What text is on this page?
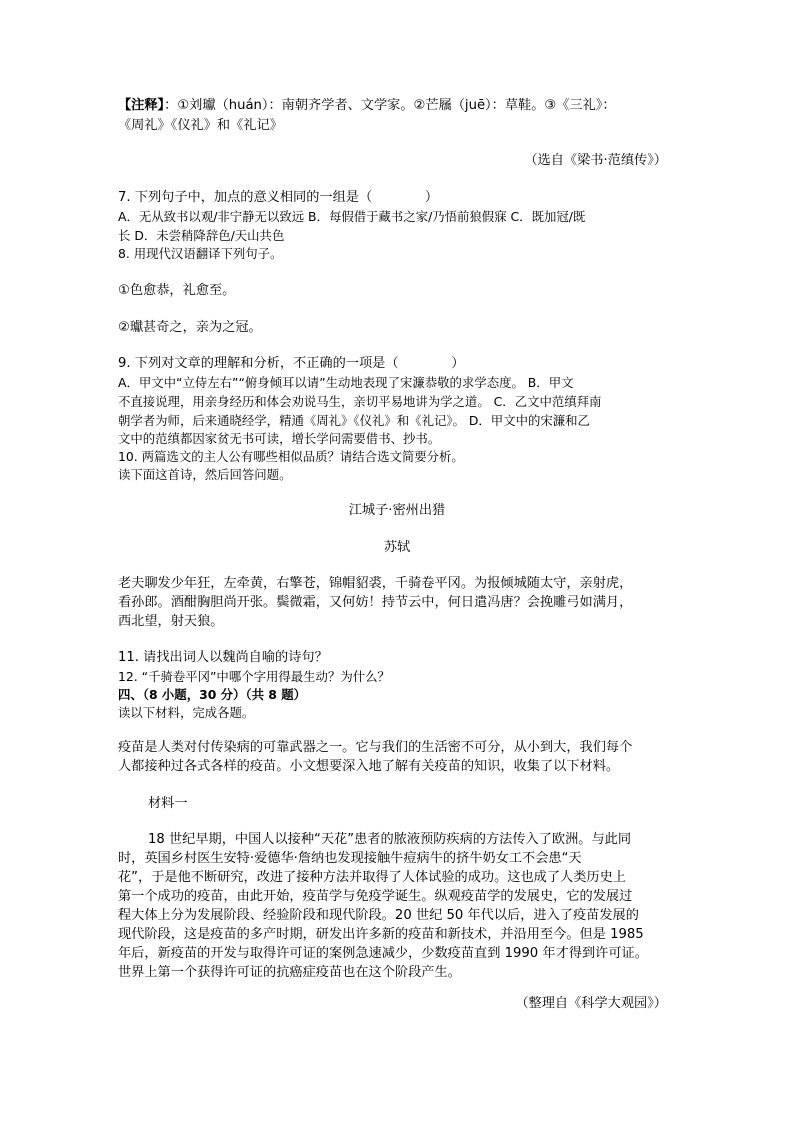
【注释】：①刘瓛（huán）：南朝齐学者、文学家。②芒屩（juē）：草鞋。③《三礼》：
《周礼》《仪礼》和《礼记》
（选自《梁书·范缜传》）
7. 下列句子中，加点的意义相同的一组是（　　　　）
A．无从致书以观/非宁静无以致远 B．每假借于藏书之家/乃悟前狼假寐 C．既加冠/既
长 D．未尝稍降辞色/天山共色
8. 用现代汉语翻译下列句子。
①色愈恭，礼愈至。
②瓛甚奇之，亲为之冠。
9. 下列对文章的理解和分析，不正确的一项是（　　　　）
A．甲文中“立侍左右”“俯身倾耳以请”生动地表现了宋濂恭敬的求学态度。 B．甲文
不直接说理，用亲身经历和体会劝说马生，亲切平易地讲为学之道。 C．乙文中范缜拜南
朝学者为师，后来通晓经学，精通《周礼》《仪礼》和《礼记》。 D．甲文中的宋濂和乙
文中的范缜都因家贫无书可读，增长学问需要借书、抄书。
10. 两篇选文的主人公有哪些相似品质？请结合选文简要分析。
读下面这首诗，然后回答问题。
江城子·密州出猎
苏轼
老夫聊发少年狂，左牵黄，右擎苍，锦帽貂裘，千骑卷平冈。为报倾城随太守，亲射虎，
看孙郎。酒酣胸胆尚开张。鬓微霜，又何妨！持节云中，何日遣冯唐？会挽雕弓如满月，
西北望，射天狼。
11. 请找出词人以魏尚自喻的诗句？
12. “千骑卷平冈”中哪个字用得最生动？为什么？
四、（8 小题，30 分）（共 8 题）
读以下材料，完成各题。
疫苗是人类对付传染病的可靠武器之一。它与我们的生活密不可分，从小到大，我们每个
人都接种过各式各样的疫苗。小文想要深入地了解有关疫苗的知识，收集了以下材料。
材料一
18 世纪早期，中国人以接种“天花”患者的脓液预防疾病的方法传入了欧洲。与此同
时，英国乡村医生安特·爱德华·詹纳也发现接触牛痘病牛的挤牛奶女工不会患“天
花”，于是他不断研究，改进了接种方法并取得了人体试验的成功。这也成了人类历史上
第一个成功的疫苗，由此开始，疫苗学与免疫学诞生。纵观疫苗学的发展史，它的发展过
程大体上分为发展阶段、经验阶段和现代阶段。20 世纪 50 年代以后，进入了疫苗发展的
现代阶段，这是疫苗的多产时期，研发出许多新的疫苗和新技术，并沿用至今。但是 1985
年后，新疫苗的开发与取得许可证的案例急速减少，少数疫苗直到 1990 年才得到许可证。
世界上第一个获得许可证的抗癌症疫苗也在这个阶段产生。
（整理自《科学大观园》）
